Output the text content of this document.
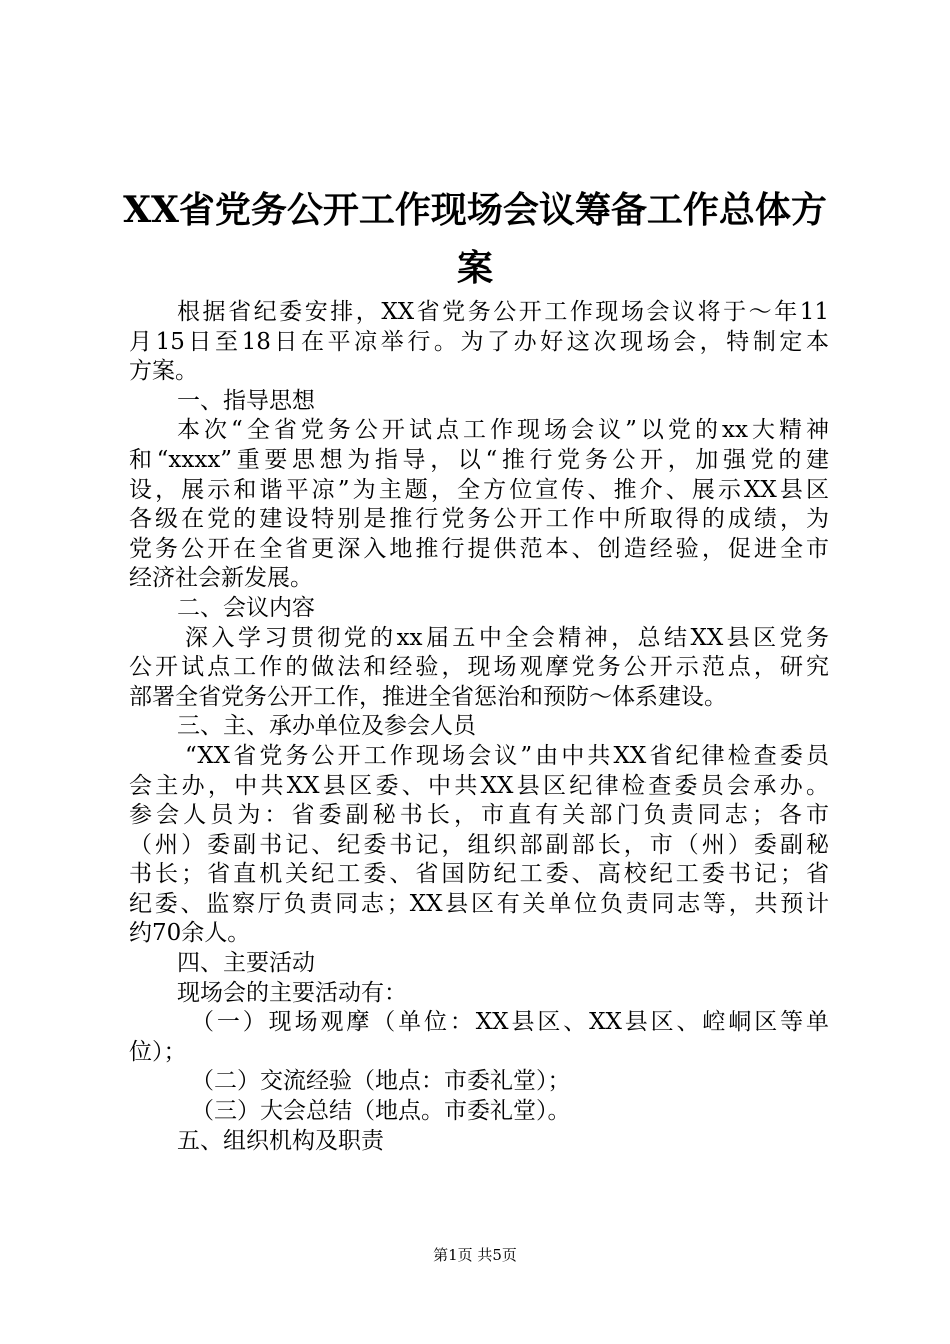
XX省党务公开工作现场会议筹备工作总体方
案
根据省纪委安排，XX省党务公开工作现场会议将于～年11
月15日至18日在平凉举行。为了办好这次现场会，特制定本
方案。
一、指导思想
本次“全省党务公开试点工作现场会议”以党的xx大精神
和“xxxx”重要思想为指导，以“推行党务公开，加强党的建
设，展示和谐平凉”为主题，全方位宣传、推介、展示XX县区
各级在党的建设特别是推行党务公开工作中所取得的成绩，为
党务公开在全省更深入地推行提供范本、创造经验，促进全市
经济社会新发展。
二、会议内容
深入学习贯彻党的xx届五中全会精神，总结XX县区党务
公开试点工作的做法和经验，现场观摩党务公开示范点，研究
部署全省党务公开工作，推进全省惩治和预防～体系建设。
三、主、承办单位及参会人员
“XX省党务公开工作现场会议”由中共XX省纪律检查委员
会主办，中共XX县区委、中共XX县区纪律检查委员会承办。
参会人员为：省委副秘书长，市直有关部门负责同志；各市
（州）委副书记、纪委书记，组织部副部长，市（州）委副秘
书长；省直机关纪工委、省国防纪工委、高校纪工委书记；省
纪委、监察厅负责同志；XX县区有关单位负责同志等，共预计
约70余人。
四、主要活动
现场会的主要活动有：
（一）现场观摩（单位：XX县区、XX县区、崆峒区等单
位）；
（二）交流经验（地点：市委礼堂）；
（三）大会总结（地点。市委礼堂）。
五、组织机构及职责
第1页 共5页
